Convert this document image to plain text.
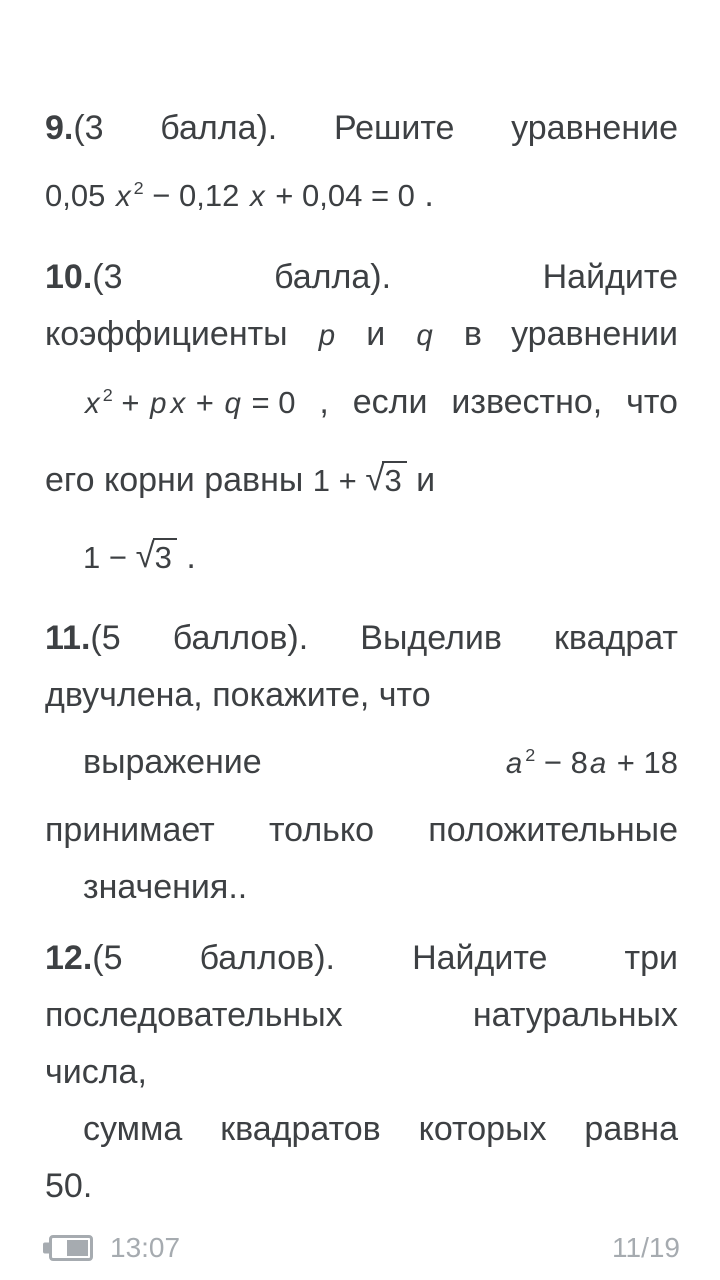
9.(3 балла). Решите уравнение
0,05 x $^2$ − 0,12 x + 0,04 = 0 .
10.(3	балла).	Найдите
коэффициенты p и q в уравнении
x $^2$ + p x + q = 0 , если известно, что
его корни равны 1 + √3 и
1 − √3 .
11.(5 баллов). Выделив квадрат
двучлена, покажите, что
выражение	a $^2$ − 8a + 18
принимает только положительные
значения..
12.(5 баллов). Найдите три
последовательных	натуральных
числа,
сумма квадратов которых равна
50.
13:07	11/19
